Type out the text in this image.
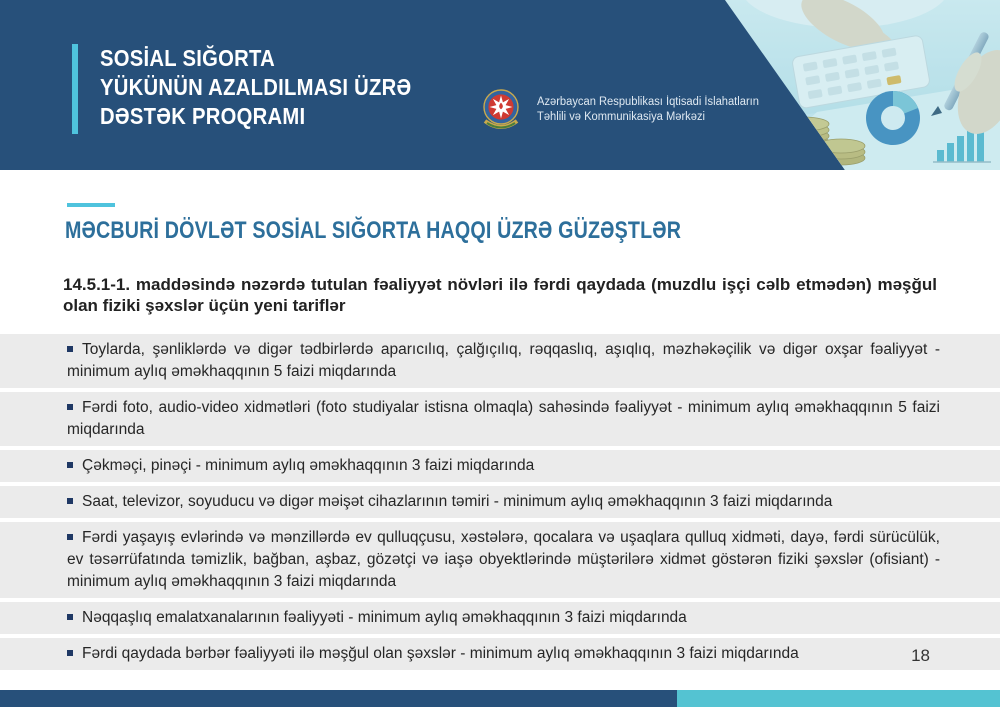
SOSİAL SIĞORTA
YÜKÜNÜN AZALDILMASI ÜZRƏ
DƏSTƏK PROQRAMI
Azərbaycan Respublikası İqtisadi İslahatların
Təhlili və Kommunikasiya Mərkəzi
MƏCBURİ DÖVLƏT SOSİAL SIĞORTA HAQQI ÜZRƏ GÜZƏŞTLƏR

14.5.1-1. maddəsində nəzərdə tutulan fəaliyyət növləri ilə fərdi qaydada (muzdlu işçi cəlb etmədən) məşğul olan fiziki şəxslər üçün yeni tariflər

Toylarda, şənliklərdə və digər tədbirlərdə aparıcılıq, çalğıçılıq, rəqqaslıq, aşıqlıq, məzhəkəçilik və digər oxşar fəaliyyət - minimum aylıq əməkhaqqının 5 faizi miqdarında
Fərdi foto, audio-video xidmətləri (foto studiyalar istisna olmaqla) sahəsində fəaliyyət - minimum aylıq əməkhaqqının 5 faizi miqdarında
Çəkməçi, pinəçi - minimum aylıq əməkhaqqının 3 faizi miqdarında
Saat, televizor, soyuducu və digər məişət cihazlarının təmiri - minimum aylıq əməkhaqqının 3 faizi miqdarında
Fərdi yaşayış evlərində və mənzillərdə ev qulluqçusu, xəstələrə, qocalara və uşaqlara qulluq xidməti, dayə, fərdi sürücülük, ev təsərrüfatında təmizlik, bağban, aşbaz, gözətçi və iaşə obyektlərində müştərilərə xidmət göstərən fiziki şəxslər (ofisiant) - minimum aylıq əməkhaqqının 3 faizi miqdarında
Nəqqaşlıq emalatxanalarının fəaliyyəti - minimum aylıq əməkhaqqının 3 faizi miqdarında
Fərdi qaydada bərbər fəaliyyəti ilə məşğul olan şəxslər - minimum aylıq əməkhaqqının 3 faizi miqdarında	18
